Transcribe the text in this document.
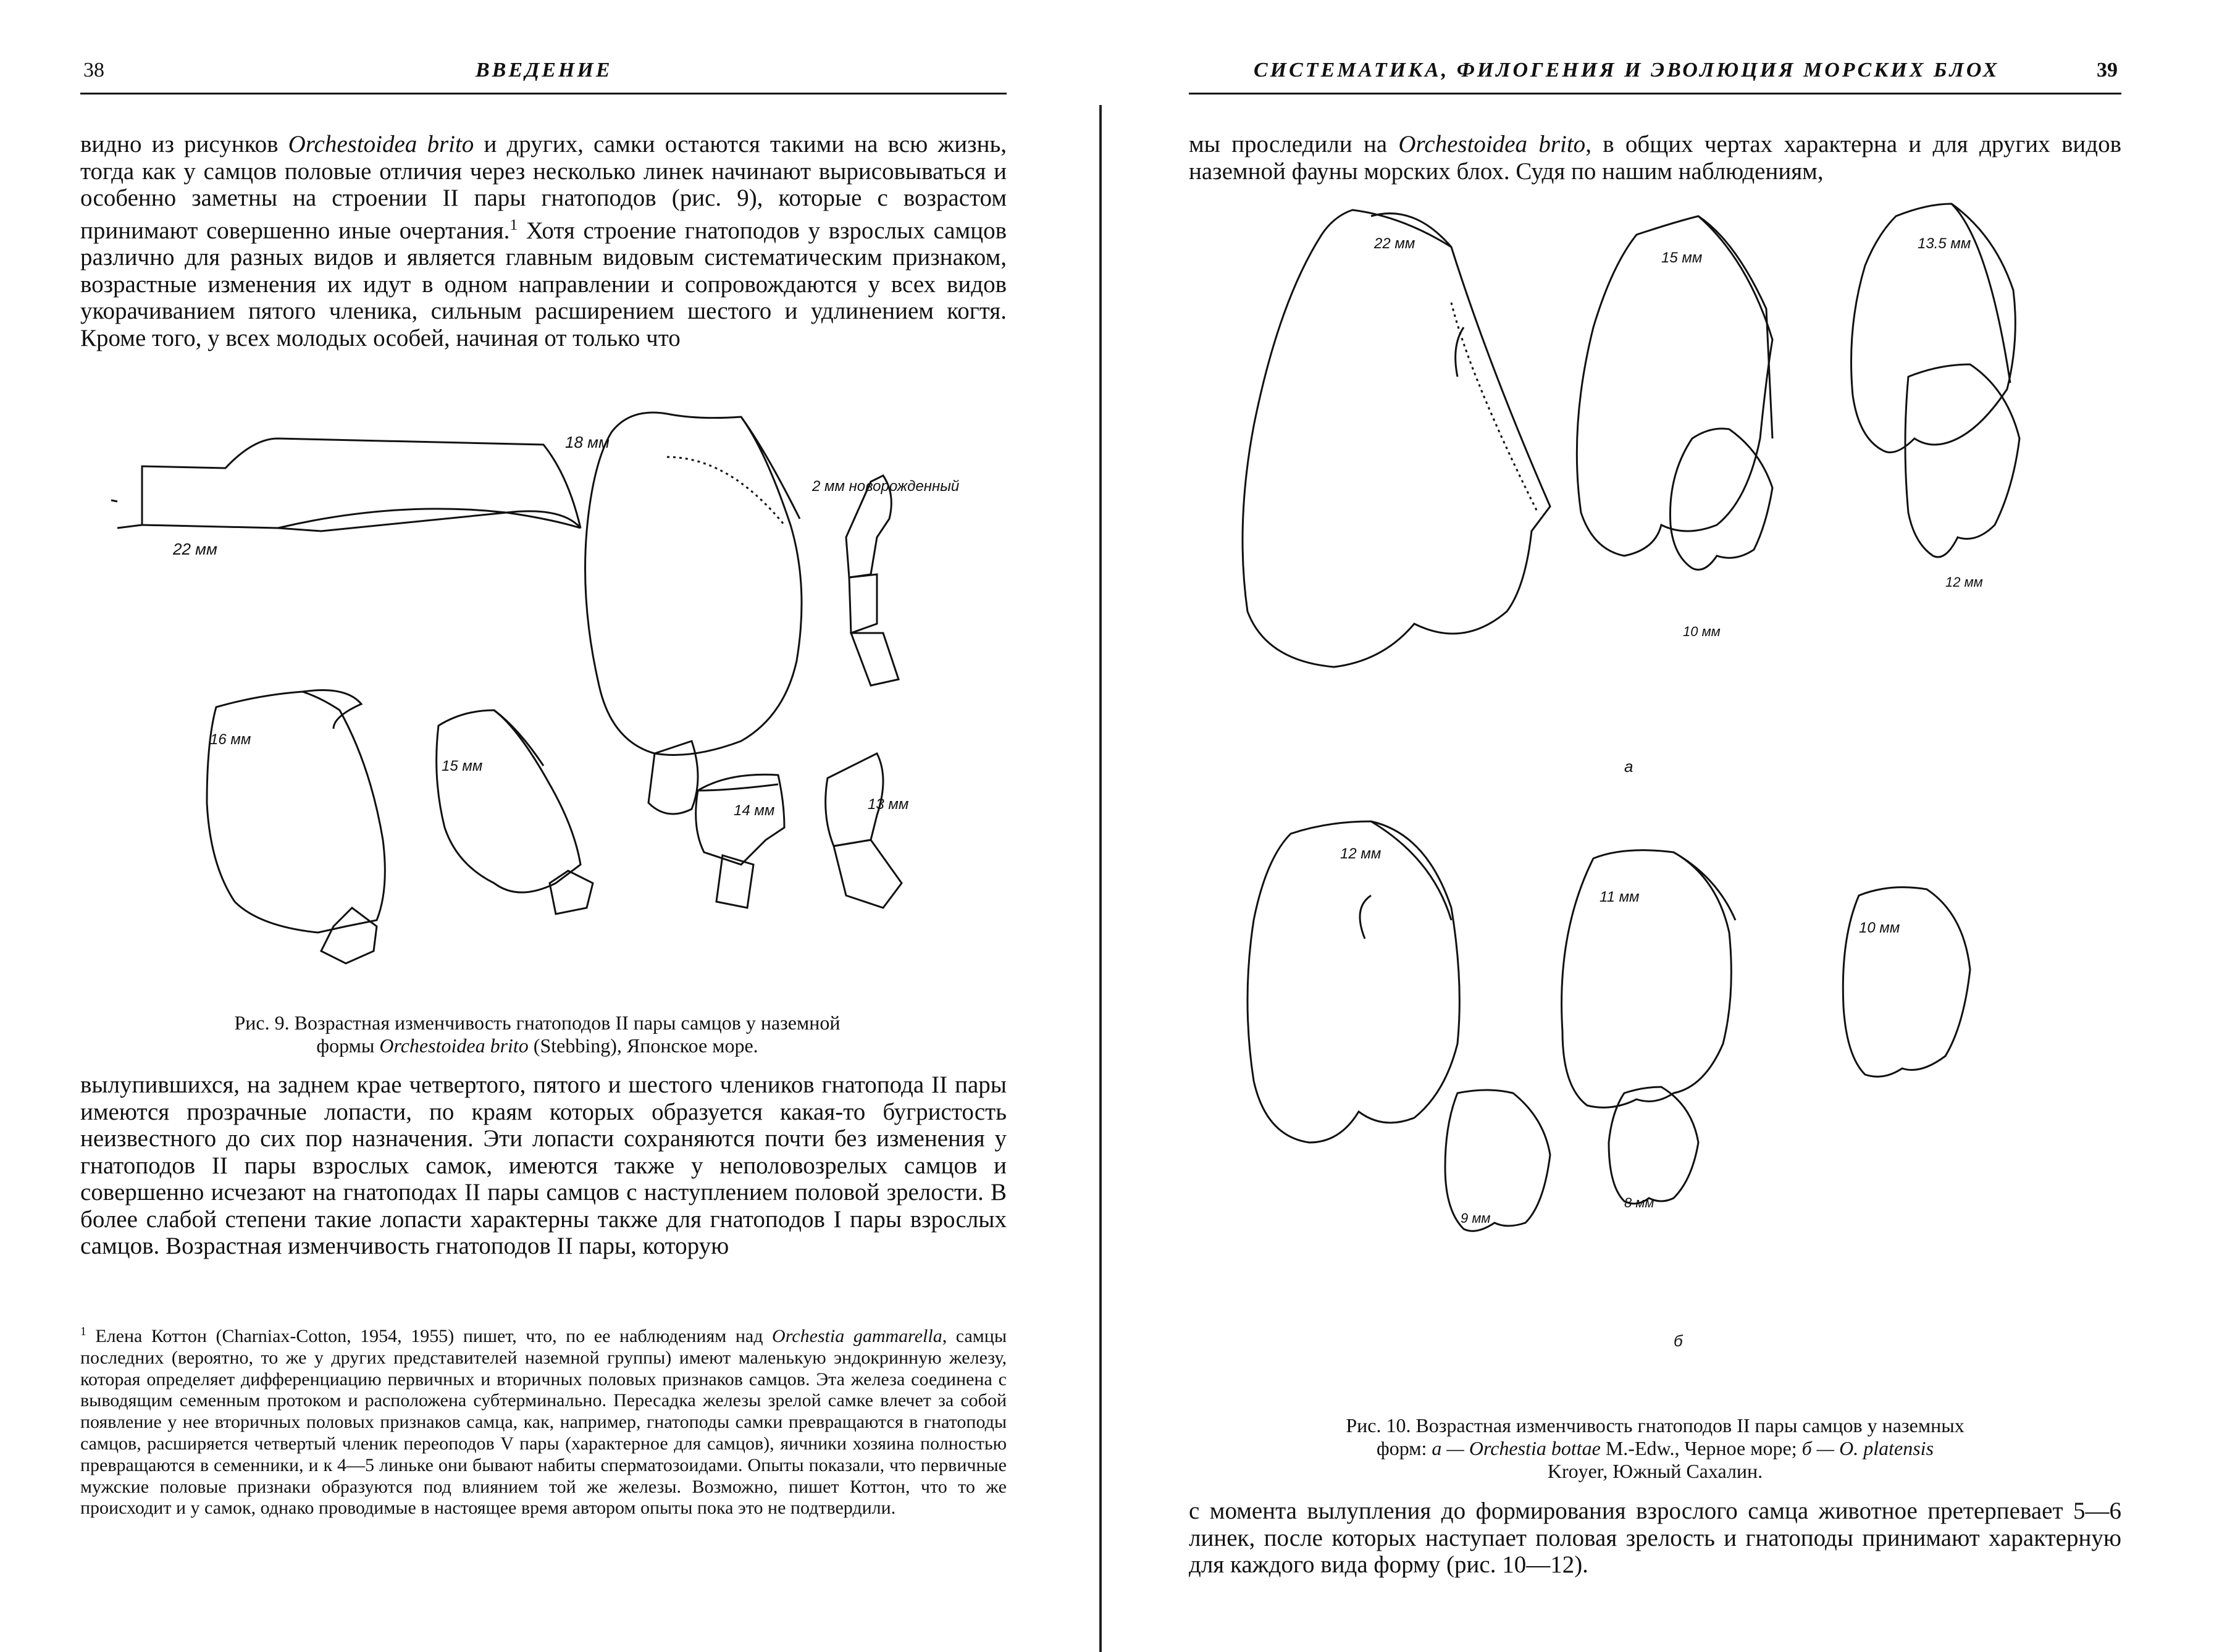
38	ВВЕДЕНИЕ
видно из рисунков Orchestoidea brito и других, самки остаются такими на всю жизнь, тогда как у самцов половые отличия через несколько линек начинают вырисовываться и особенно заметны на строении II пары гнатоподов (рис. 9), которые с возрастом принимают совершенно иные очертания.$^1$ Хотя строение гнатоподов у взрослых самцов различно для разных видов и является главным видовым систематическим признаком, возрастные изменения их идут в одном направлении и сопровождаются у всех видов укорачиванием пятого членика, сильным расширением шестого и удлинением когтя. Кроме того, у всех молодых особей, начиная от только что
22 мм
18 мм
2 мм новорожденный
16 мм
15 мм
14 мм	13 мм
Рис. 9. Возрастная изменчивость гнатоподов II пары самцов у наземной
формы Orchestoidea brito (Stebbing), Японское море.
вылупившихся, на заднем крае четвертого, пятого и шестого члеников гнатопода II пары имеются прозрачные лопасти, по краям которых образуется какая-то бугристость неизвестного до сих пор назначения. Эти лопасти сохраняются почти без изменения у гнатоподов II пары взрослых самок, имеются также у неполовозрелых самцов и совершенно исчезают на гнатоподах II пары самцов с наступлением половой зрелости. В более слабой степени такие лопасти характерны также для гнатоподов I пары взрослых самцов. Возрастная изменчивость гнатоподов II пары, которую
$^1$ Елена Коттон (Charniax-Cotton, 1954, 1955) пишет, что, по ее наблюдениям над Orchestia gammarella, самцы последних (вероятно, то же у других представителей наземной группы) имеют маленькую эндокринную железу, которая определяет дифференциацию первичных и вторичных половых признаков самцов. Эта железа соединена с выводящим семенным протоком и расположена субтерминально. Пересадка железы зрелой самке влечет за собой появление у нее вторичных половых признаков самца, как, например, гнатоподы самки превращаются в гнатоподы самцов, расширяется четвертый членик переоподов V пары (характерное для самцов), яичники хозяина полностью превращаются в семенники, и к 4—5 линьке они бывают набиты сперматозоидами. Опыты показали, что первичные мужские половые признаки образуются под влиянием той же железы. Возможно, пишет Коттон, что то же происходит и у самок, однако проводимые в настоящее время автором опыты пока это не подтвердили.
СИСТЕМАТИКА, ФИЛОГЕНИЯ И ЭВОЛЮЦИЯ МОРСКИХ БЛОХ	39
мы проследили на Orchestoidea brito, в общих чертах характерна и для других видов наземной фауны морских блох. Судя по нашим наблюдениям,
22 мм
15 мм
13.5 мм
10 мм
12 мм
а
12 мм
11 мм
10 мм
9 мм
8 мм
б
Рис. 10. Возрастная изменчивость гнатоподов II пары самцов у наземных
форм: а — Orchestia bottae M.-Edw., Черное море; б — O. platensis
Kroyer, Южный Сахалин.
с момента вылупления до формирования взрослого самца животное претерпевает 5—6 линек, после которых наступает половая зрелость и гнатоподы принимают характерную для каждого вида форму (рис. 10—12).
